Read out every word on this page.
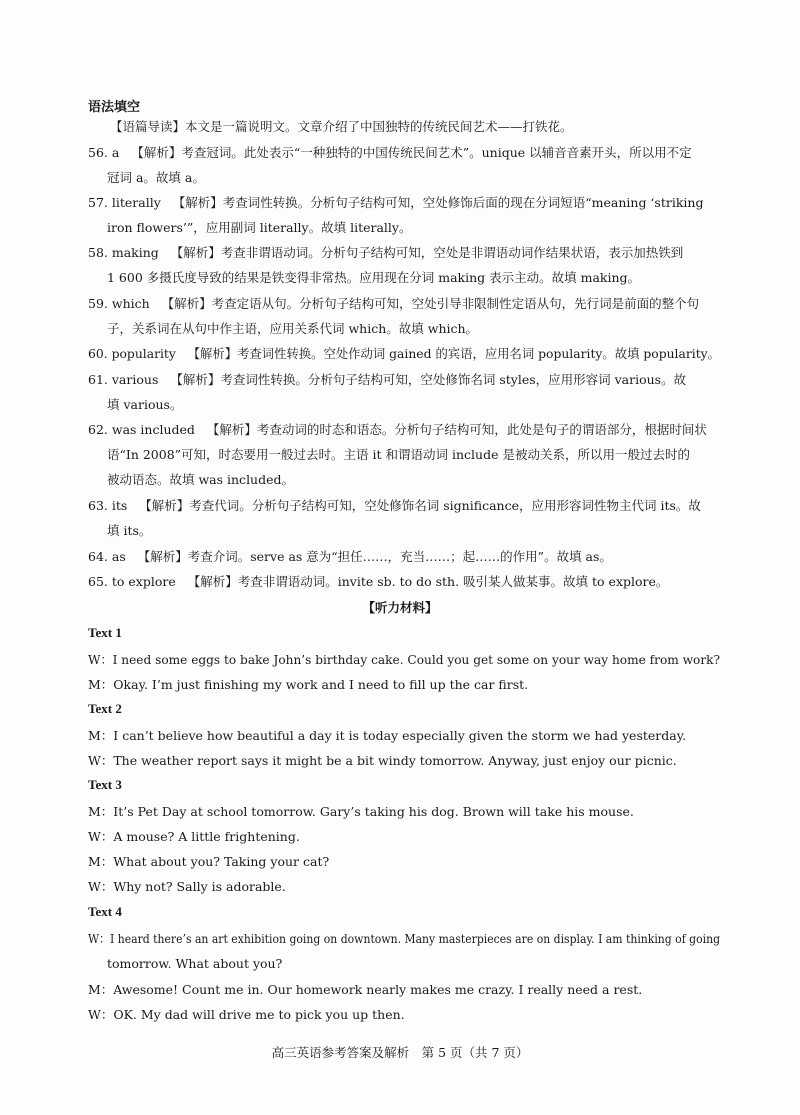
语法填空
【语篇导读】本文是一篇说明文。文章介绍了中国独特的传统民间艺术——打铁花。
56. a 【解析】考查冠词。此处表示“一种独特的中国传统民间艺术”。unique 以辅音音素开头，所以用不定
冠词 a。故填 a。
57. literally 【解析】考查词性转换。分析句子结构可知，空处修饰后面的现在分词短语“meaning ‘striking
iron flowers’”，应用副词 literally。故填 literally。
58. making 【解析】考查非谓语动词。分析句子结构可知，空处是非谓语动词作结果状语，表示加热铁到
1 600 多摄氏度导致的结果是铁变得非常热。应用现在分词 making 表示主动。故填 making。
59. which 【解析】考查定语从句。分析句子结构可知，空处引导非限制性定语从句，先行词是前面的整个句
子，关系词在从句中作主语，应用关系代词 which。故填 which。
60. popularity 【解析】考查词性转换。空处作动词 gained 的宾语，应用名词 popularity。故填 popularity。
61. various 【解析】考查词性转换。分析句子结构可知，空处修饰名词 styles，应用形容词 various。故
填 various。
62. was included 【解析】考查动词的时态和语态。分析句子结构可知，此处是句子的谓语部分，根据时间状
语“In 2008”可知，时态要用一般过去时。主语 it 和谓语动词 include 是被动关系，所以用一般过去时的
被动语态。故填 was included。
63. its 【解析】考查代词。分析句子结构可知，空处修饰名词 significance，应用形容词性物主代词 its。故
填 its。
64. as 【解析】考查介词。serve as 意为“担任……，充当……；起……的作用”。故填 as。
65. to explore 【解析】考查非谓语动词。invite sb. to do sth. 吸引某人做某事。故填 to explore。
【听力材料】
Text 1
W：I need some eggs to bake John’s birthday cake. Could you get some on your way home from work?
M：Okay. I’m just finishing my work and I need to fill up the car first.
Text 2
M：I can’t believe how beautiful a day it is today especially given the storm we had yesterday.
W：The weather report says it might be a bit windy tomorrow. Anyway, just enjoy our picnic.
Text 3
M：It’s Pet Day at school tomorrow. Gary’s taking his dog. Brown will take his mouse.
W：A mouse? A little frightening.
M：What about you? Taking your cat?
W：Why not? Sally is adorable.
Text 4
W：I heard there’s an art exhibition going on downtown. Many masterpieces are on display. I am thinking of going
tomorrow. What about you?
M：Awesome! Count me in. Our homework nearly makes me crazy. I really need a rest.
W：OK. My dad will drive me to pick you up then.
高三英语参考答案及解析　第 5 页（共 7 页）
